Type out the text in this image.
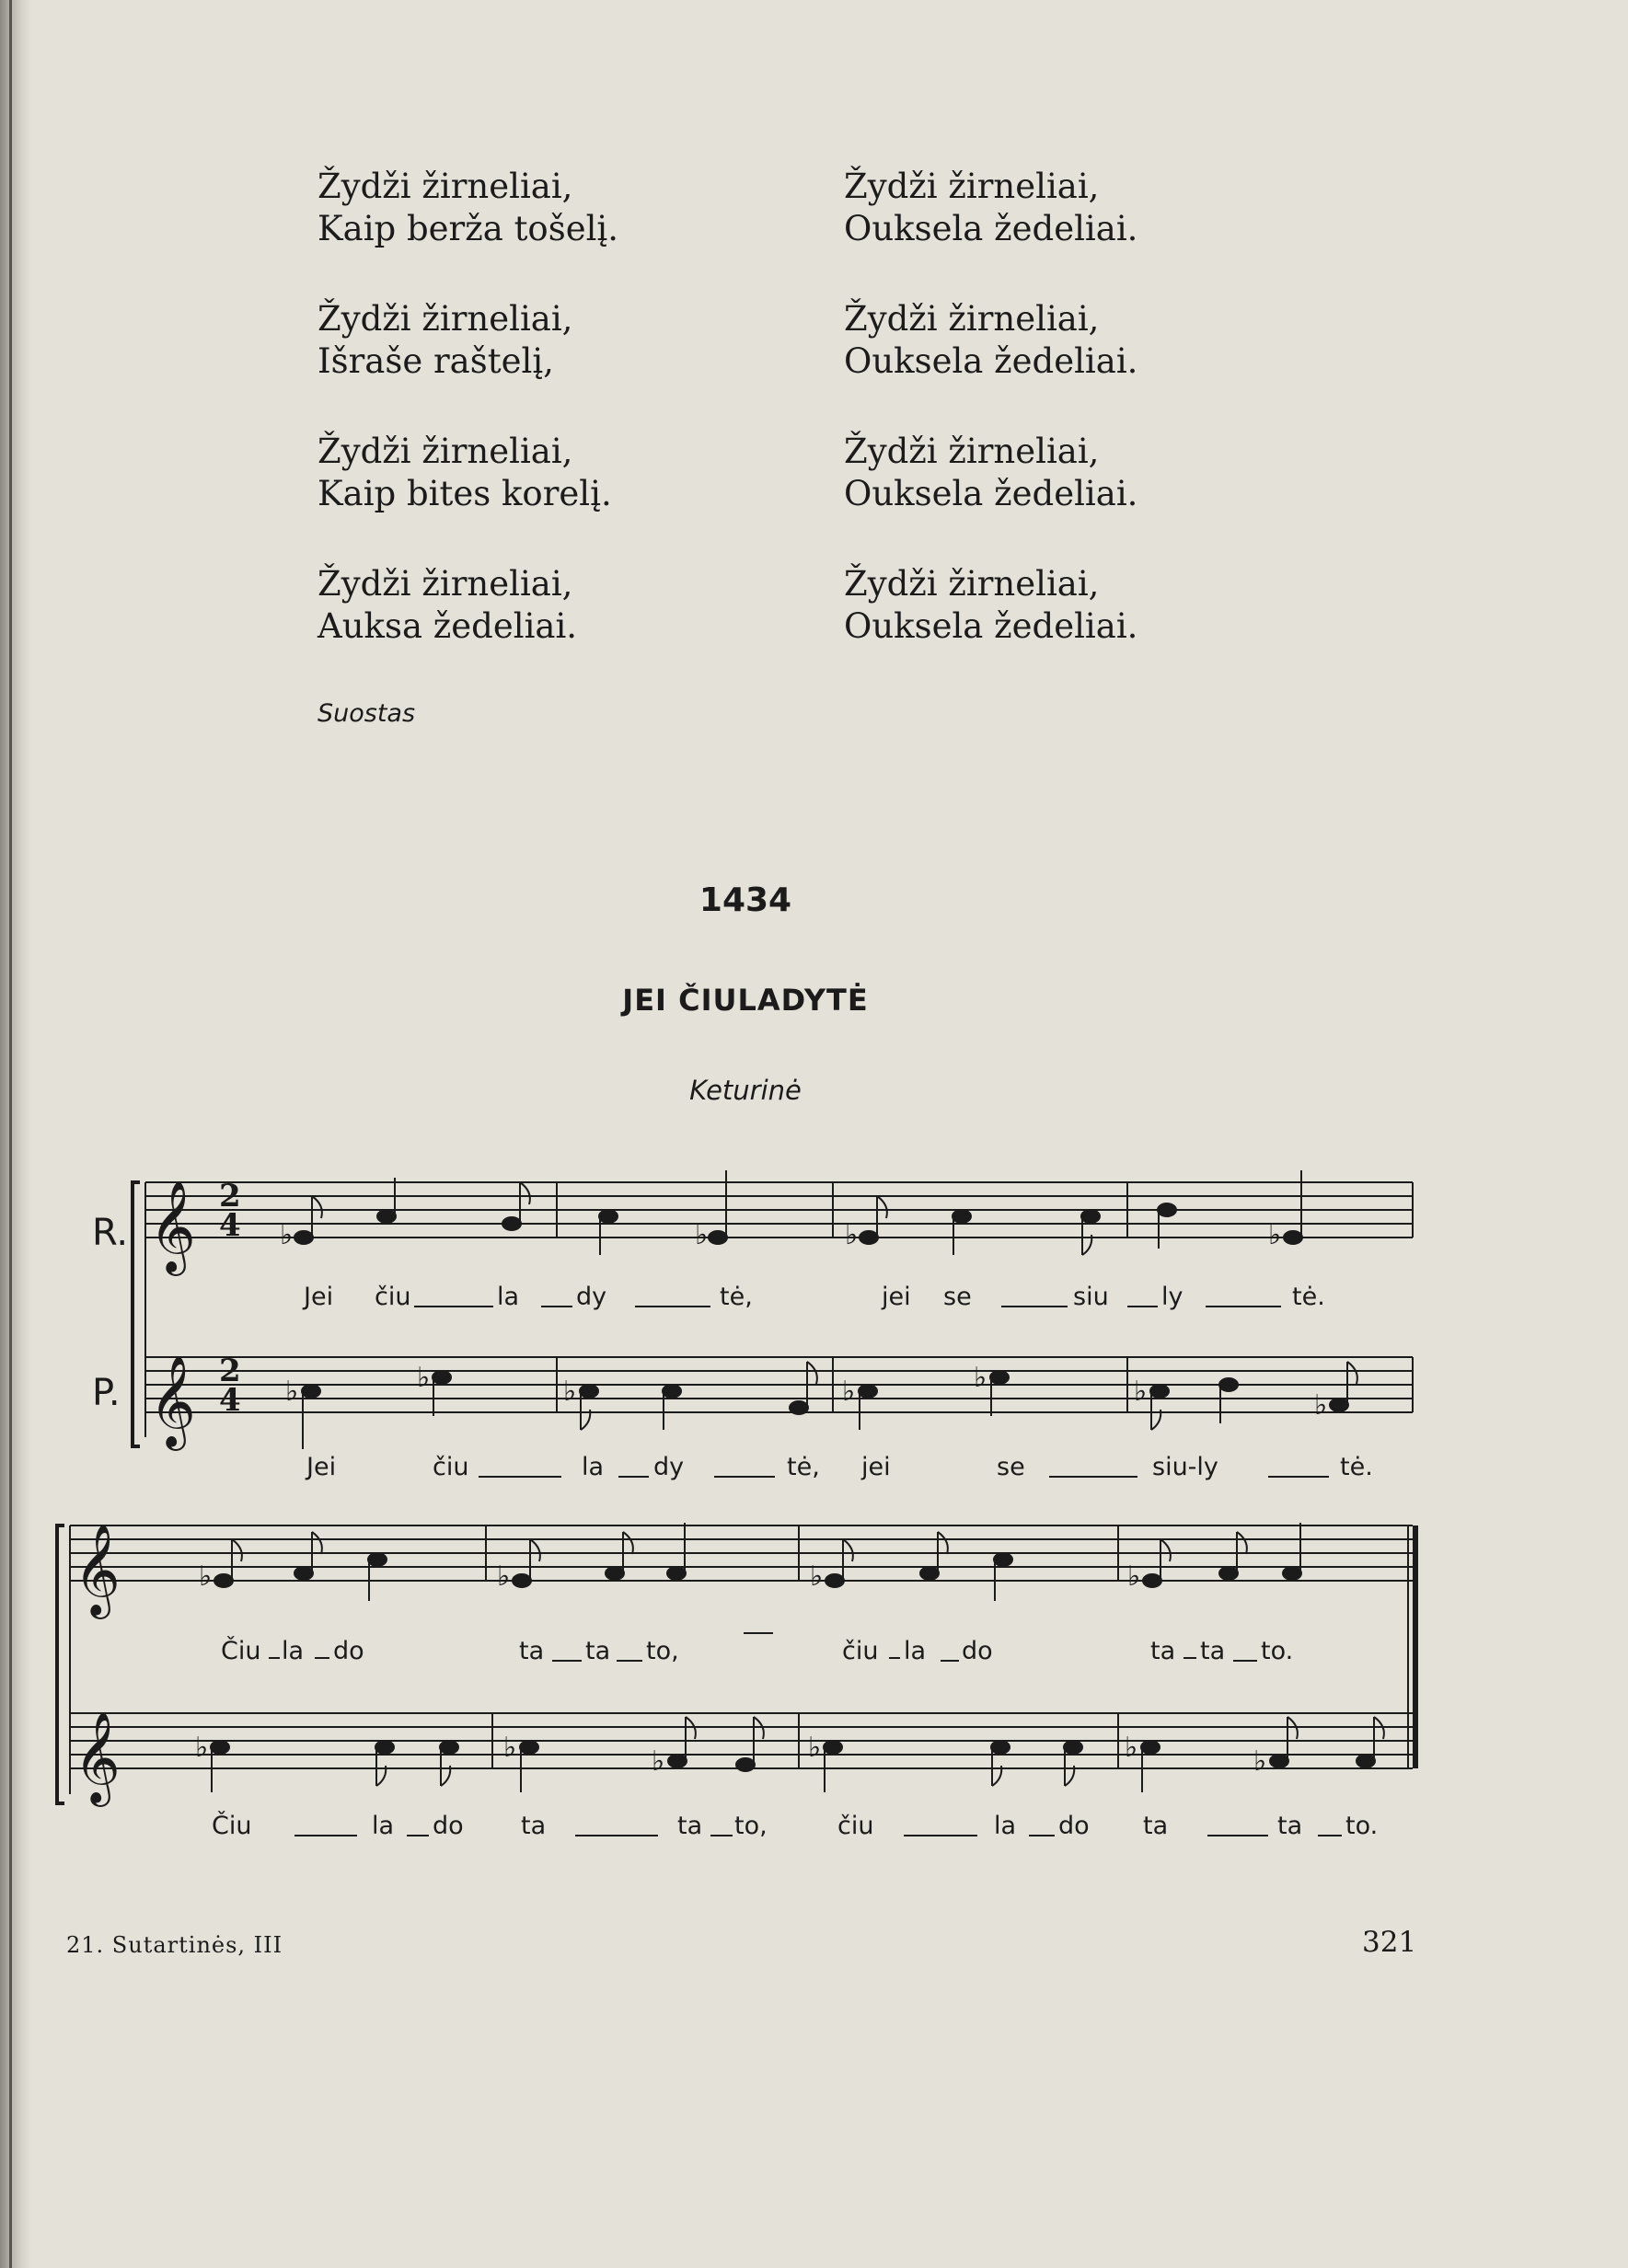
Žydži žirneliai,
Kaip berža tošelį.
Žydži žirneliai,
Išraše raštelį,
Žydži žirneliai,
Kaip bites korelį.
Žydži žirneliai,
Auksa žedeliai.
Žydži žirneliai,
Ouksela žedeliai.
Žydži žirneliai,
Ouksela žedeliai.
Žydži žirneliai,
Ouksela žedeliai.
Žydži žirneliai,
Ouksela žedeliai.
Suostas
1434
JEI ČIULADYTĖ
Keturinė
R.
P.
𝄞
𝄞
𝄞
𝄞
2
4
2
4
♭	♭	♭	♭
♭	♭	♭	♭	♭	♭	♭
♭	♭	♭	♭
♭	♭	♭	♭	♭	♭
Jei čiu	la dy	tė,	jei se	siu ly	tė.
Jei	čiu	la dy	tė, jei	se	siu-ly	tė.
Čiu la do	ta ta to,	čiu la do	ta ta to.
Čiu	la do ta	ta to,	čiu	la do ta	ta to.
21. Sutartinės, III	321
